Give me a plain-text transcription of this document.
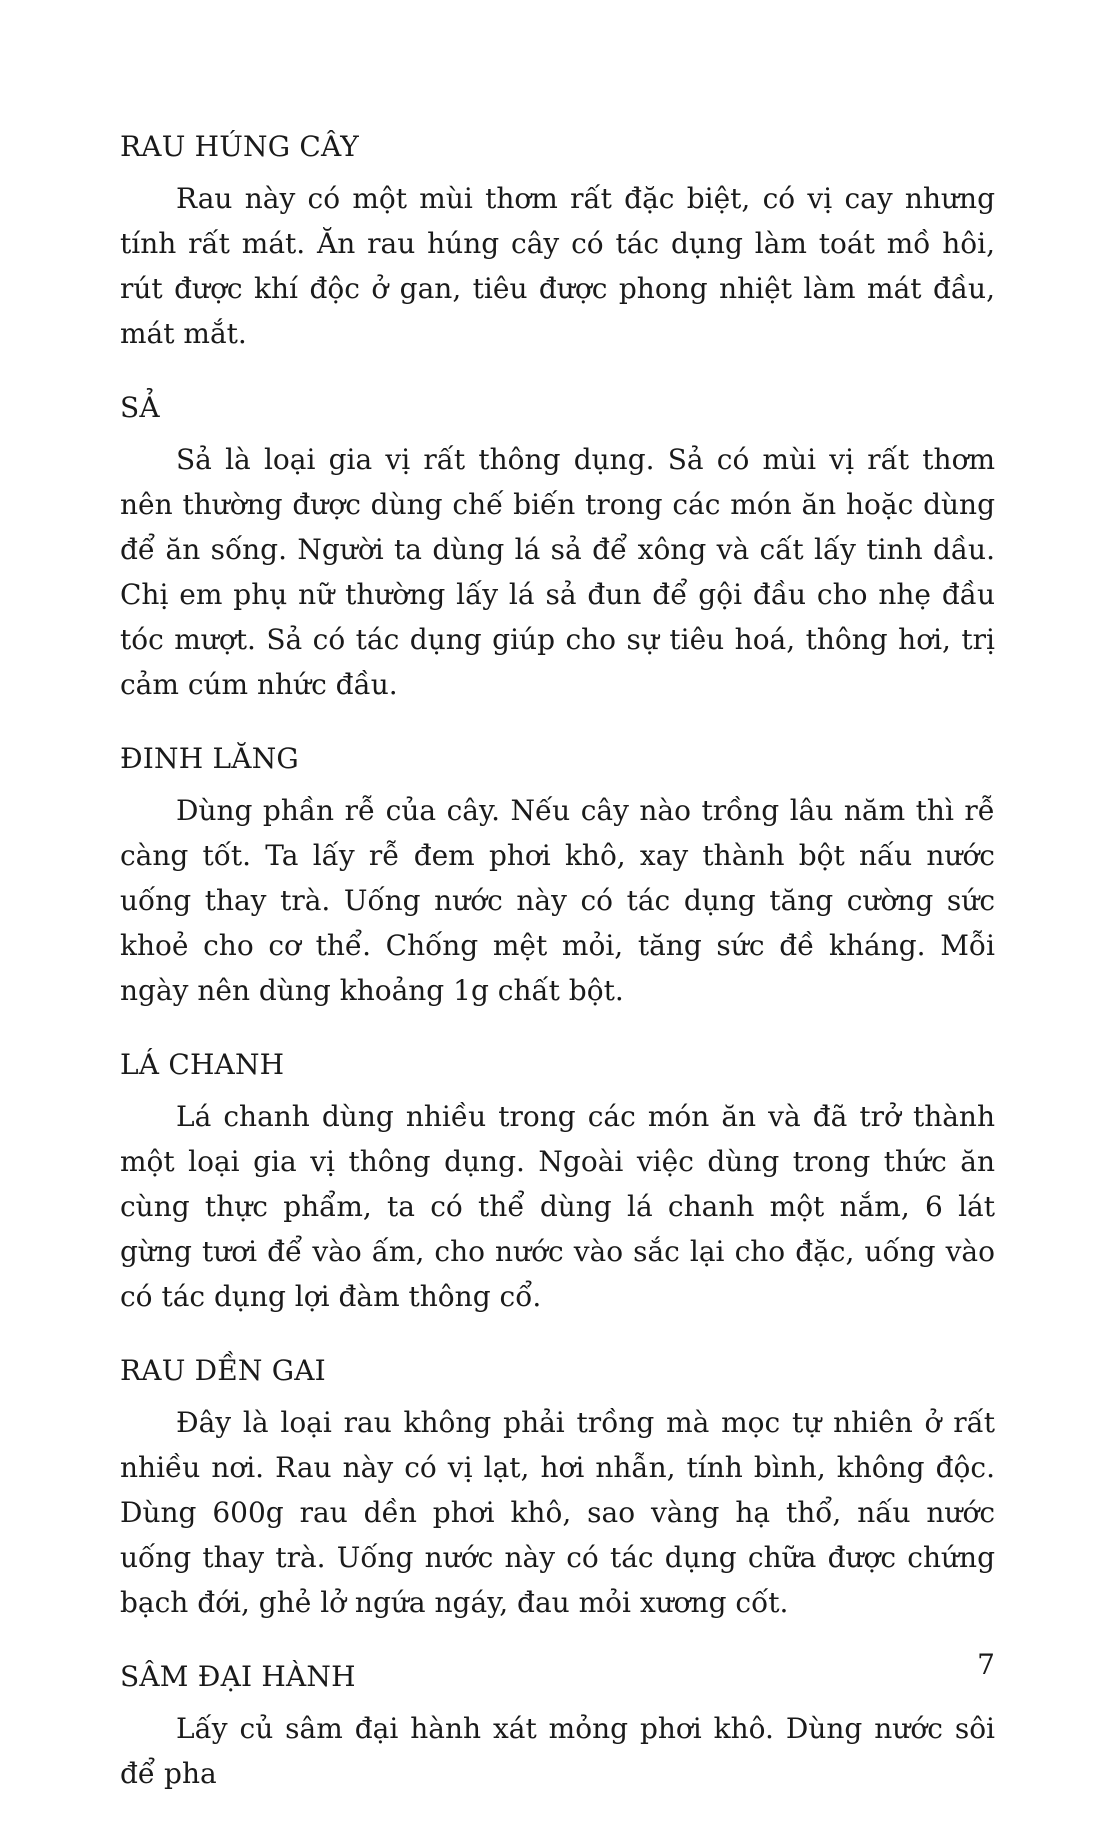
RAU HÚNG CÂY

Rau này có một mùi thơm rất đặc biệt, có vị cay nhưng tính rất mát. Ăn rau húng cây có tác dụng làm toát mồ hôi, rút được khí độc ở gan, tiêu được phong nhiệt làm mát đầu, mát mắt.

SẢ

Sả là loại gia vị rất thông dụng. Sả có mùi vị rất thơm nên thường được dùng chế biến trong các món ăn hoặc dùng để ăn sống. Người ta dùng lá sả để xông và cất lấy tinh dầu. Chị em phụ nữ thường lấy lá sả đun để gội đầu cho nhẹ đầu tóc mượt. Sả có tác dụng giúp cho sự tiêu hoá, thông hơi, trị cảm cúm nhức đầu.

ĐINH LĂNG

Dùng phần rễ của cây. Nếu cây nào trồng lâu năm thì rễ càng tốt. Ta lấy rễ đem phơi khô, xay thành bột nấu nước uống thay trà. Uống nước này có tác dụng tăng cường sức khoẻ cho cơ thể. Chống mệt mỏi, tăng sức đề kháng. Mỗi ngày nên dùng khoảng 1g chất bột.

LÁ CHANH

Lá chanh dùng nhiều trong các món ăn và đã trở thành một loại gia vị thông dụng. Ngoài việc dùng trong thức ăn cùng thực phẩm, ta có thể dùng lá chanh một nắm, 6 lát gừng tươi để vào ấm, cho nước vào sắc lại cho đặc, uống vào có tác dụng lợi đàm thông cổ.

RAU DỀN GAI

Đây là loại rau không phải trồng mà mọc tự nhiên ở rất nhiều nơi. Rau này có vị lạt, hơi nhẫn, tính bình, không độc. Dùng 600g rau dền phơi khô, sao vàng hạ thổ, nấu nước uống thay trà. Uống nước này có tác dụng chữa được chứng bạch đới, ghẻ lở ngứa ngáy, đau mỏi xương cốt.

SÂM ĐẠI HÀNH

Lấy củ sâm đại hành xát mỏng phơi khô. Dùng nước sôi để pha

7
